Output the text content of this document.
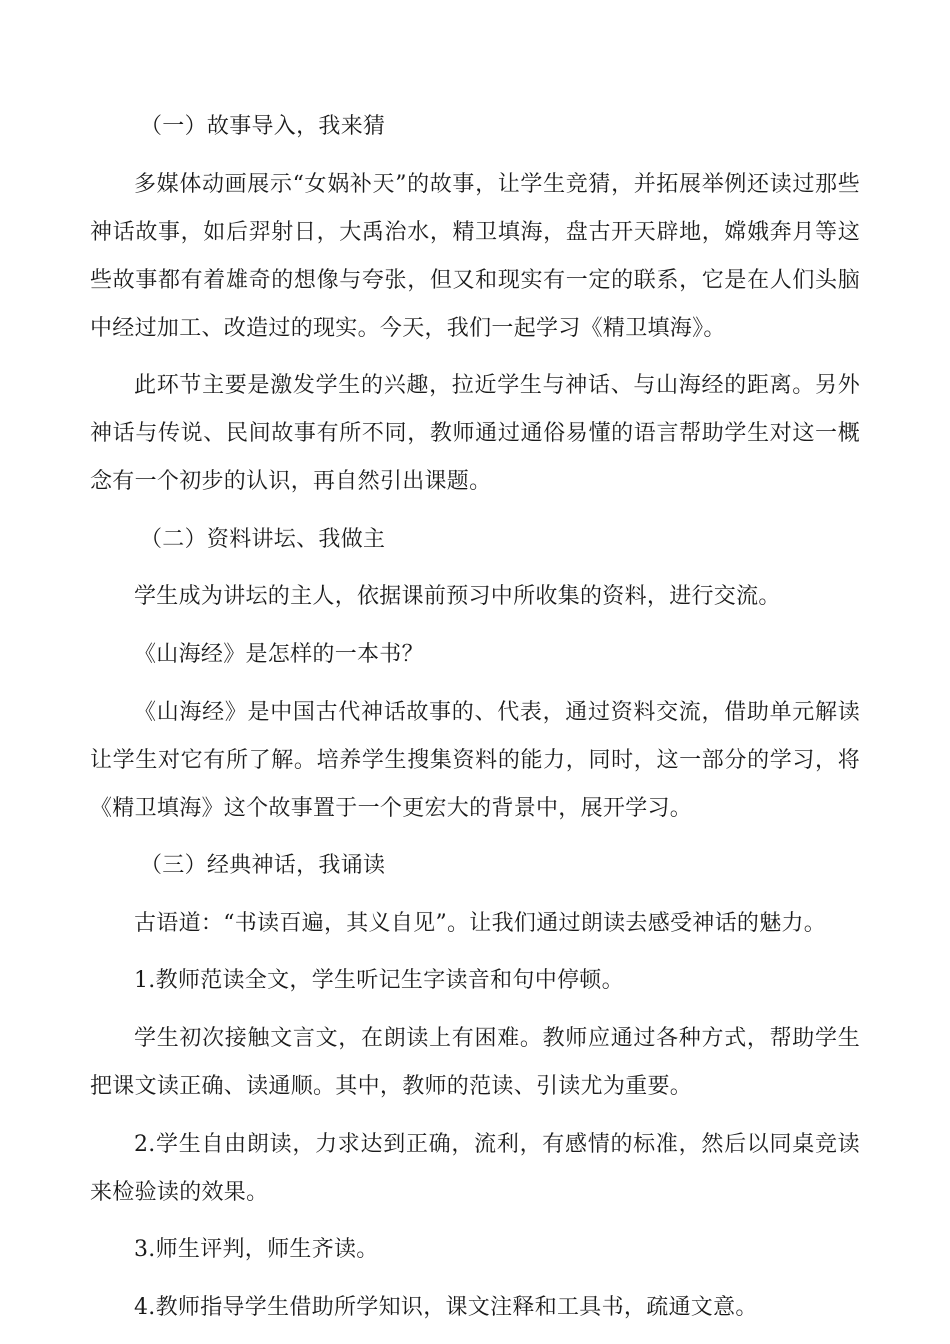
（一）故事导入，我来猜

多媒体动画展示“女娲补天”的故事，让学生竞猜，并拓展举例还读过那些神话故事，如后羿射日，大禹治水，精卫填海，盘古开天辟地，嫦娥奔月等这些故事都有着雄奇的想像与夸张，但又和现实有一定的联系，它是在人们头脑中经过加工、改造过的现实。今天，我们一起学习《精卫填海》。

此环节主要是激发学生的兴趣，拉近学生与神话、与山海经的距离。另外神话与传说、民间故事有所不同，教师通过通俗易懂的语言帮助学生对这一概念有一个初步的认识，再自然引出课题。

（二）资料讲坛、我做主

学生成为讲坛的主人，依据课前预习中所收集的资料，进行交流。

《山海经》是怎样的一本书？

《山海经》是中国古代神话故事的、代表，通过资料交流，借助单元解读让学生对它有所了解。培养学生搜集资料的能力，同时，这一部分的学习，将《精卫填海》这个故事置于一个更宏大的背景中，展开学习。

（三）经典神话，我诵读

古语道：“书读百遍，其义自见”。让我们通过朗读去感受神话的魅力。

1.教师范读全文，学生听记生字读音和句中停顿。

学生初次接触文言文，在朗读上有困难。教师应通过各种方式，帮助学生把课文读正确、读通顺。其中，教师的范读、引读尤为重要。

2.学生自由朗读，力求达到正确，流利，有感情的标准，然后以同桌竞读来检验读的效果。

3.师生评判，师生齐读。

4.教师指导学生借助所学知识，课文注释和工具书，疏通文意。
